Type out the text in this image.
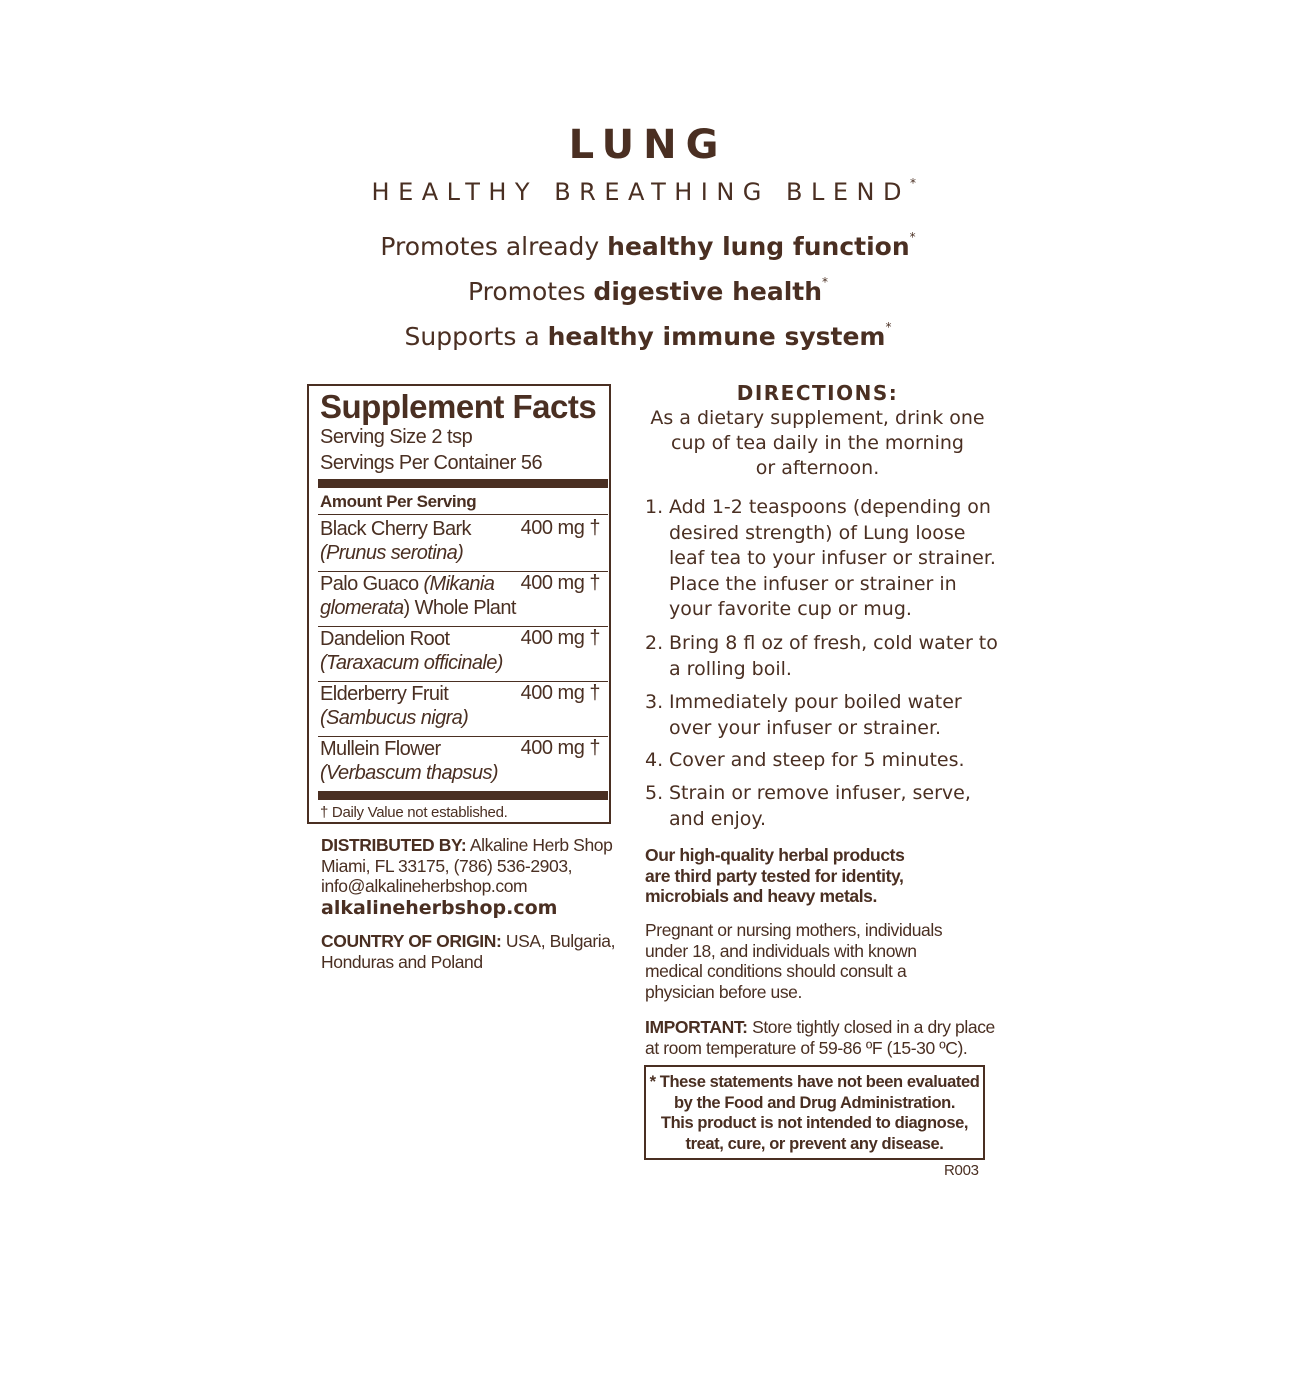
LUNG
HEALTHY BREATHING BLEND*
Promotes already healthy lung function*
Promotes digestive health*
Supports a healthy immune system*
Supplement Facts
Serving Size 2 tsp
Servings Per Container 56
Amount Per Serving
Black Cherry Bark
(Prunus serotina)
400 mg †
Palo Guaco (Mikania
glomerata) Whole Plant
400 mg †
Dandelion Root
(Taraxacum officinale)
400 mg †
Elderberry Fruit
(Sambucus nigra)
400 mg †
Mullein Flower
(Verbascum thapsus)
400 mg †
† Daily Value not established.
DISTRIBUTED BY: Alkaline Herb Shop
Miami, FL 33175, (786) 536-2903,
info@alkalineherbshop.com
alkalineherbshop.com
COUNTRY OF ORIGIN: USA, Bulgaria,
Honduras and Poland
DIRECTIONS:
As a dietary supplement, drink one
cup of tea daily in the morning
or afternoon.
1. Add 1-2 teaspoons (depending on
desired strength) of Lung loose
leaf tea to your infuser or strainer.
Place the infuser or strainer in
your favorite cup or mug.
2. Bring 8 fl oz of fresh, cold water to
a rolling boil.
3. Immediately pour boiled water
over your infuser or strainer.
4. Cover and steep for 5 minutes.
5. Strain or remove infuser, serve,
and enjoy.
Our high-quality herbal products
are third party tested for identity,
microbials and heavy metals.
Pregnant or nursing mothers, individuals
under 18, and individuals with known
medical conditions should consult a
physician before use.
IMPORTANT: Store tightly closed in a dry place
at room temperature of 59-86 ºF (15-30 ºC).
* These statements have not been evaluated
by the Food and Drug Administration.
This product is not intended to diagnose,
treat, cure, or prevent any disease.
R003
